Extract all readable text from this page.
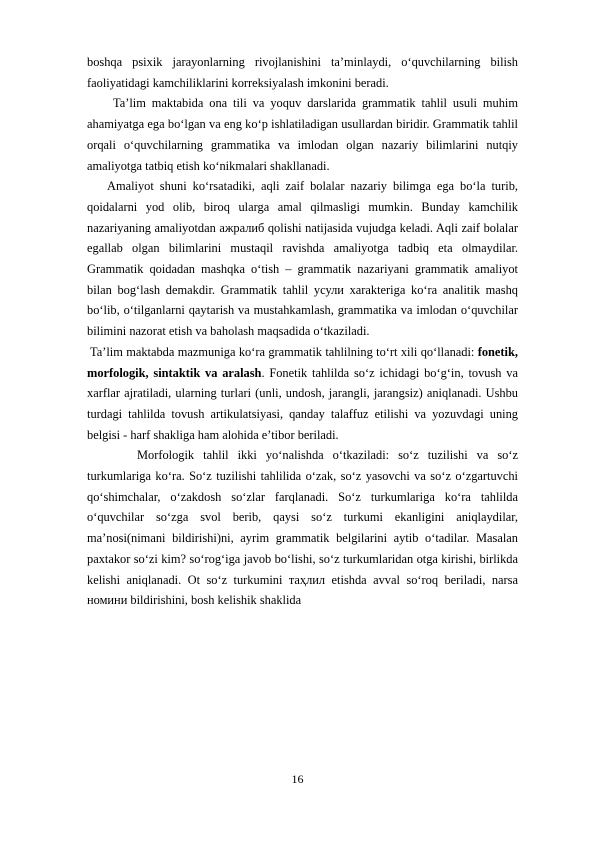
boshqa psixik jarayonlarning rivojlanishini ta’minlaydi, o‘quvchilarning bilish faoliyatidagi kamchiliklarini korreksiyalash imkonini beradi.

Ta’lim maktabida ona tili va yoquv darslarida grammatik tahlil usuli muhim ahamiyatga ega bo‘lgan va eng ko‘p ishlatiladigan usullardan biridir. Grammatik tahlil orqali o‘quvchilarning grammatika va imlodan olgan nazariy bilimlarini nutqiy amaliyotga tatbiq etish ko‘nikmalari shakllanadi.

Amaliyot shuni ko‘rsatadiki, aqli zaif bolalar nazariy bilimga ega bo‘la turib, qoidalarni yod olib, biroq ularga amal qilmasligi mumkin. Bunday kamchilik nazariyaning amaliyotdan ажралиб qolishi natijasida vujudga keladi. Aqli zaif bolalar egallab olgan bilimlarini mustaqil ravishda amaliyotga tadbiq eta olmaydilar. Grammatik qoidadan mashqka o‘tish – grammatik nazariyani grammatik amaliyot bilan bog‘lash demakdir. Grammatik tahlil усули xarakteriga ko‘ra analitik mashq bo‘lib, o‘tilganlarni qaytarish va mustahkamlash, grammatika va imlodan o‘quvchilar bilimini nazorat etish va baholash maqsadida o‘tkaziladi.

Ta’lim maktabda mazmuniga ko‘ra grammatik tahlilning to‘rt xili qo‘llanadi: fonetik, morfologik, sintaktik va aralash. Fonetik tahlilda so‘z ichidagi bo‘g‘in, tovush va xarflar ajratiladi, ularning turlari (unli, undosh, jarangli, jarangsiz) aniqlanadi. Ushbu turdagi tahlilda tovush artikulatsiyasi, qanday talaffuz etilishi va yozuvdagi uning belgisi - harf shakliga ham alohida e’tibor beriladi.

Morfologik tahlil ikki yo‘nalishda o‘tkaziladi: so‘z tuzilishi va so‘z turkumlariga ko‘ra. So‘z tuzilishi tahlilida o‘zak, so‘z yasovchi va so‘z o‘zgartuvchi qo‘shimchalar, o‘zakdosh so‘zlar farqlanadi. So‘z turkumlariga ko‘ra tahlilda o‘quvchilar so‘zga svol berib, qaysi so‘z turkumi ekanligini aniqlaydilar, ma’nosi(nimani bildirishi)ni, ayrim grammatik belgilarini aytib o‘tadilar. Masalan paxtakor so‘zi kim? so‘rog‘iga javob bo‘lishi, so‘z turkumlaridan otga kirishi, birlikda kelishi aniqlanadi. Ot so‘z turkumini таҳлил etishda avval so‘roq beriladi, narsa номини bildirishini, bosh kelishik shaklida

16
